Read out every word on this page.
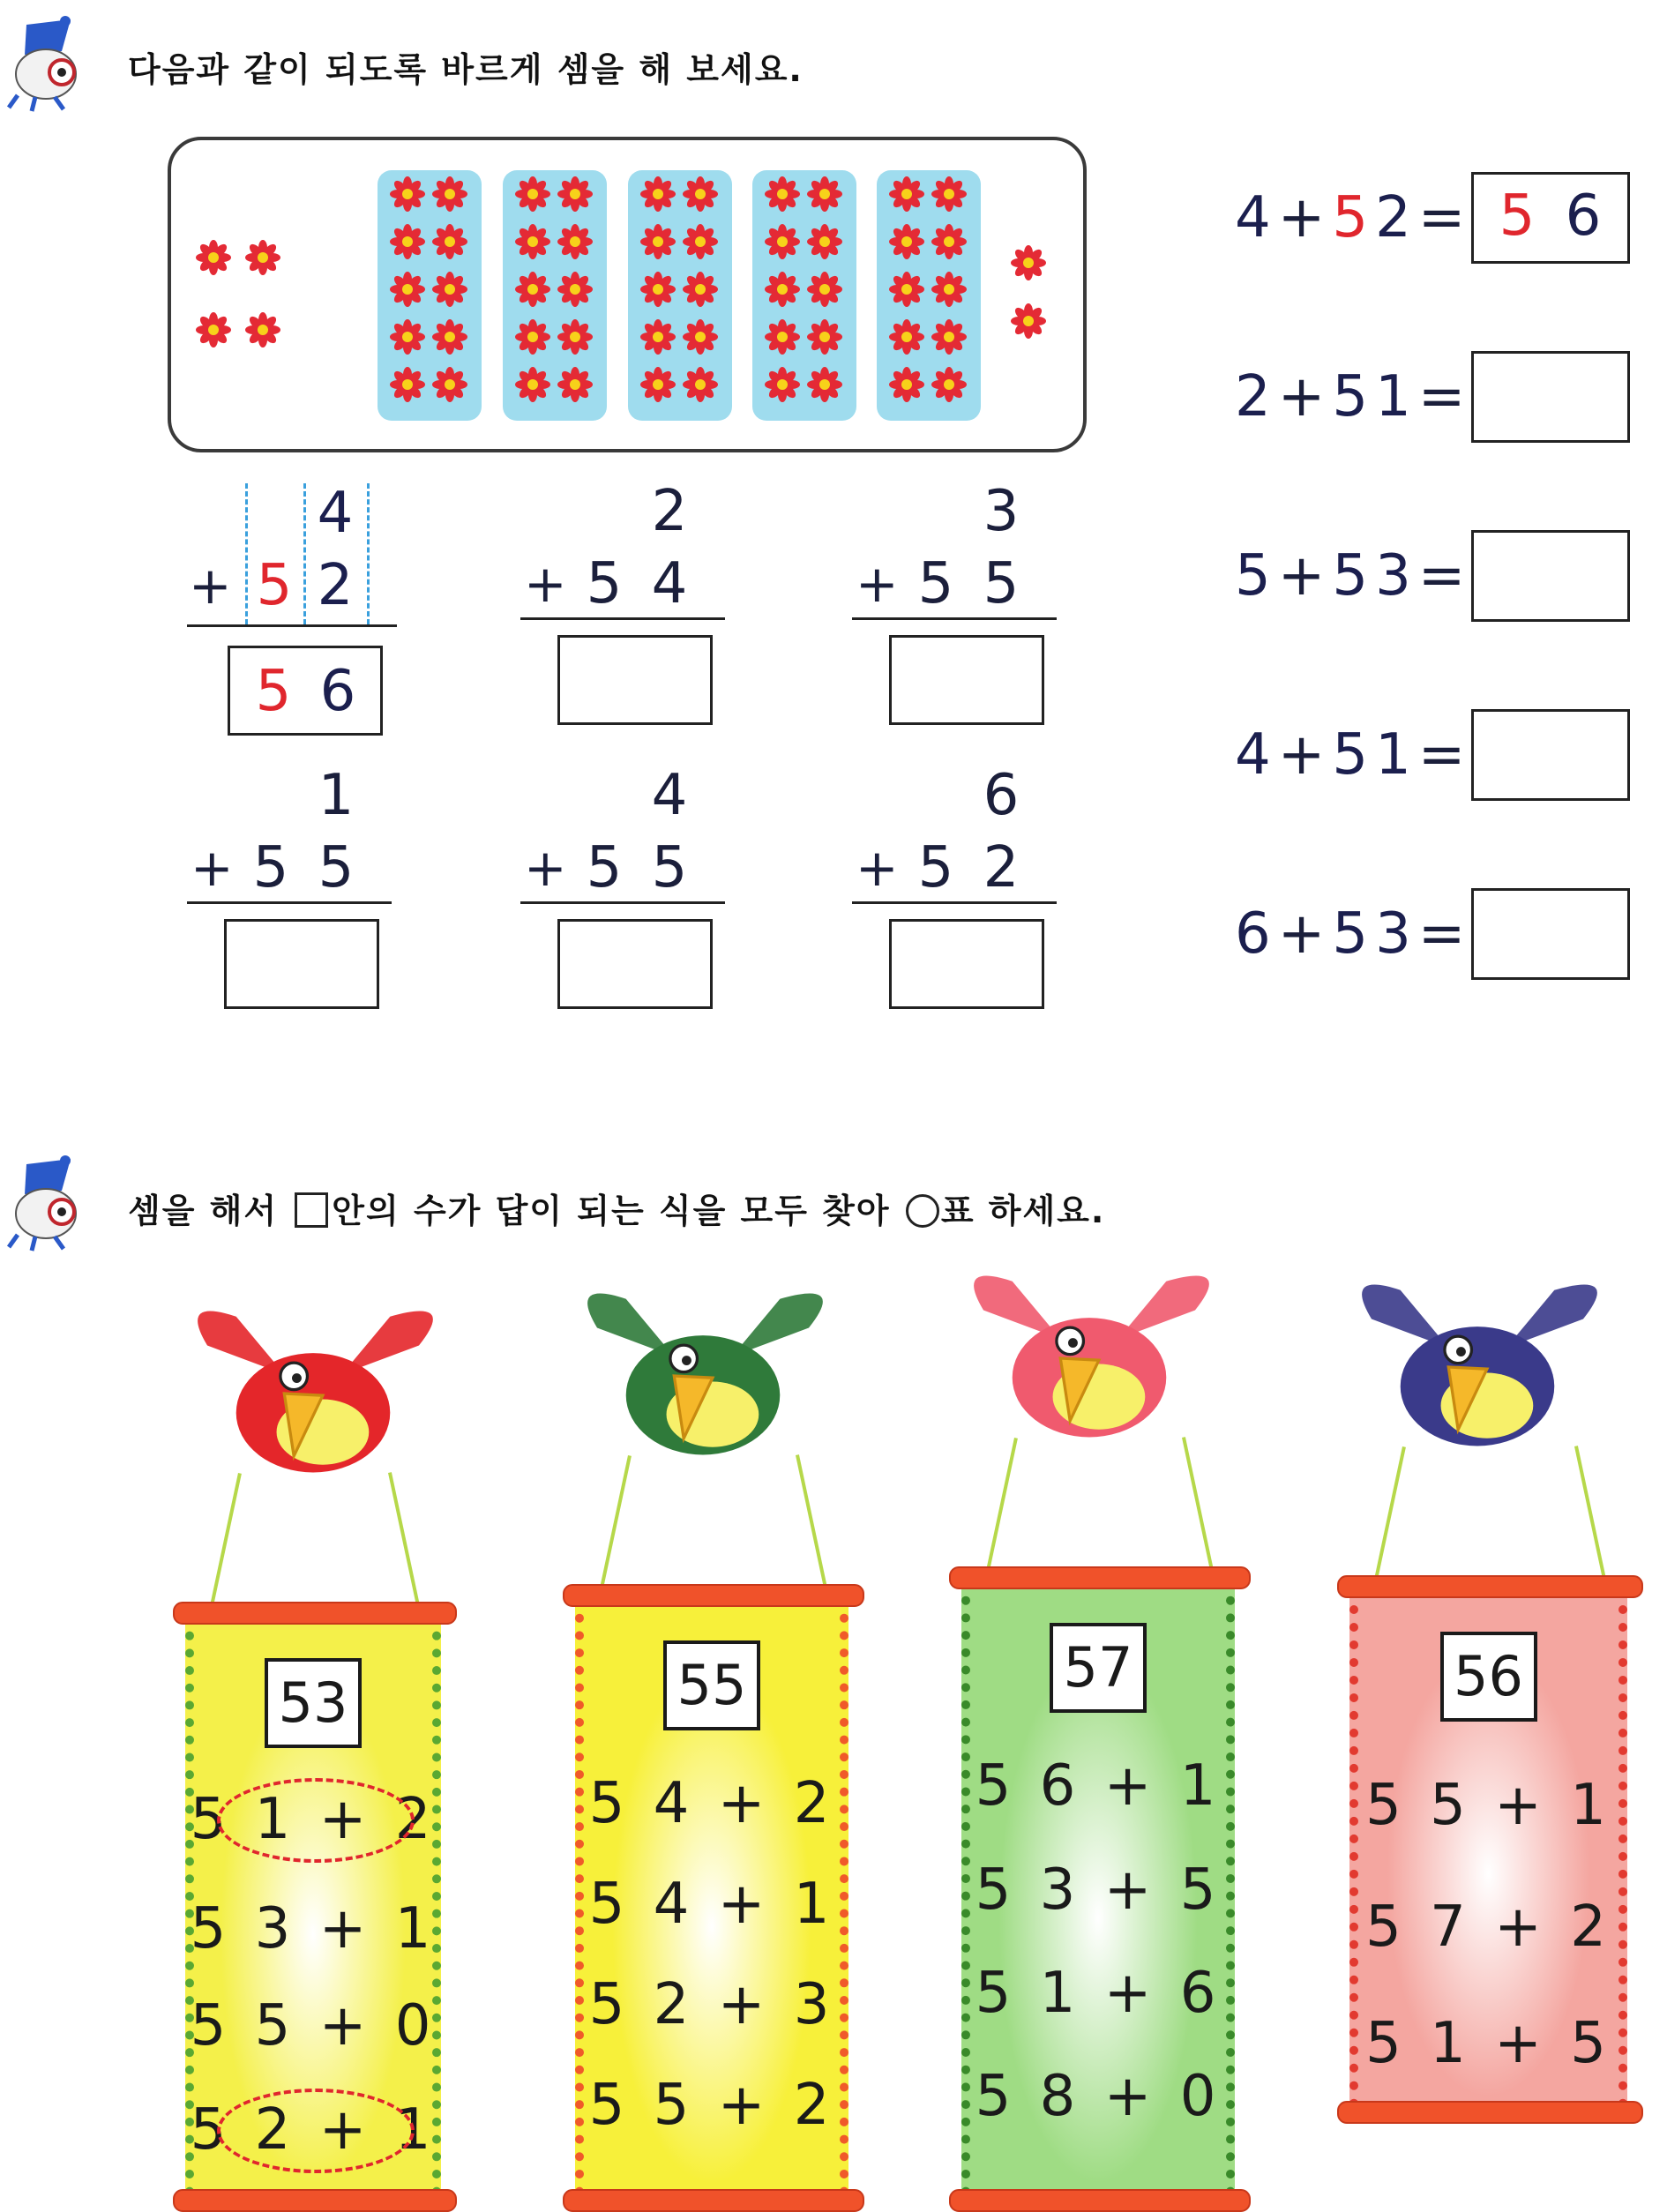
다음과 같이 되도록 바르게 셈을 해 보세요.
4
+ 5 2
5 6
2
+ 5 4
3
+ 5 5
1
+ 5 5
4
+ 5 5
6
+ 5 2
4 + 5 2= 5 6
2 + 5 1=
5 + 5 3=
4 + 5 1=
6 + 5 3=
셈을 해서 안의 수가 답이 되는 식을 모두 찾아 표 하세요.
53
5 1 + 2
5 3 + 1
5 5 + 0
5 2 + 1
55
5 4 + 2
5 4 + 1
5 2 + 3
5 5 + 2
57
5 6 + 1
5 3 + 5
5 1 + 6
5 8 + 0
56
5 5 + 1
5 7 + 2
5 1 + 5
